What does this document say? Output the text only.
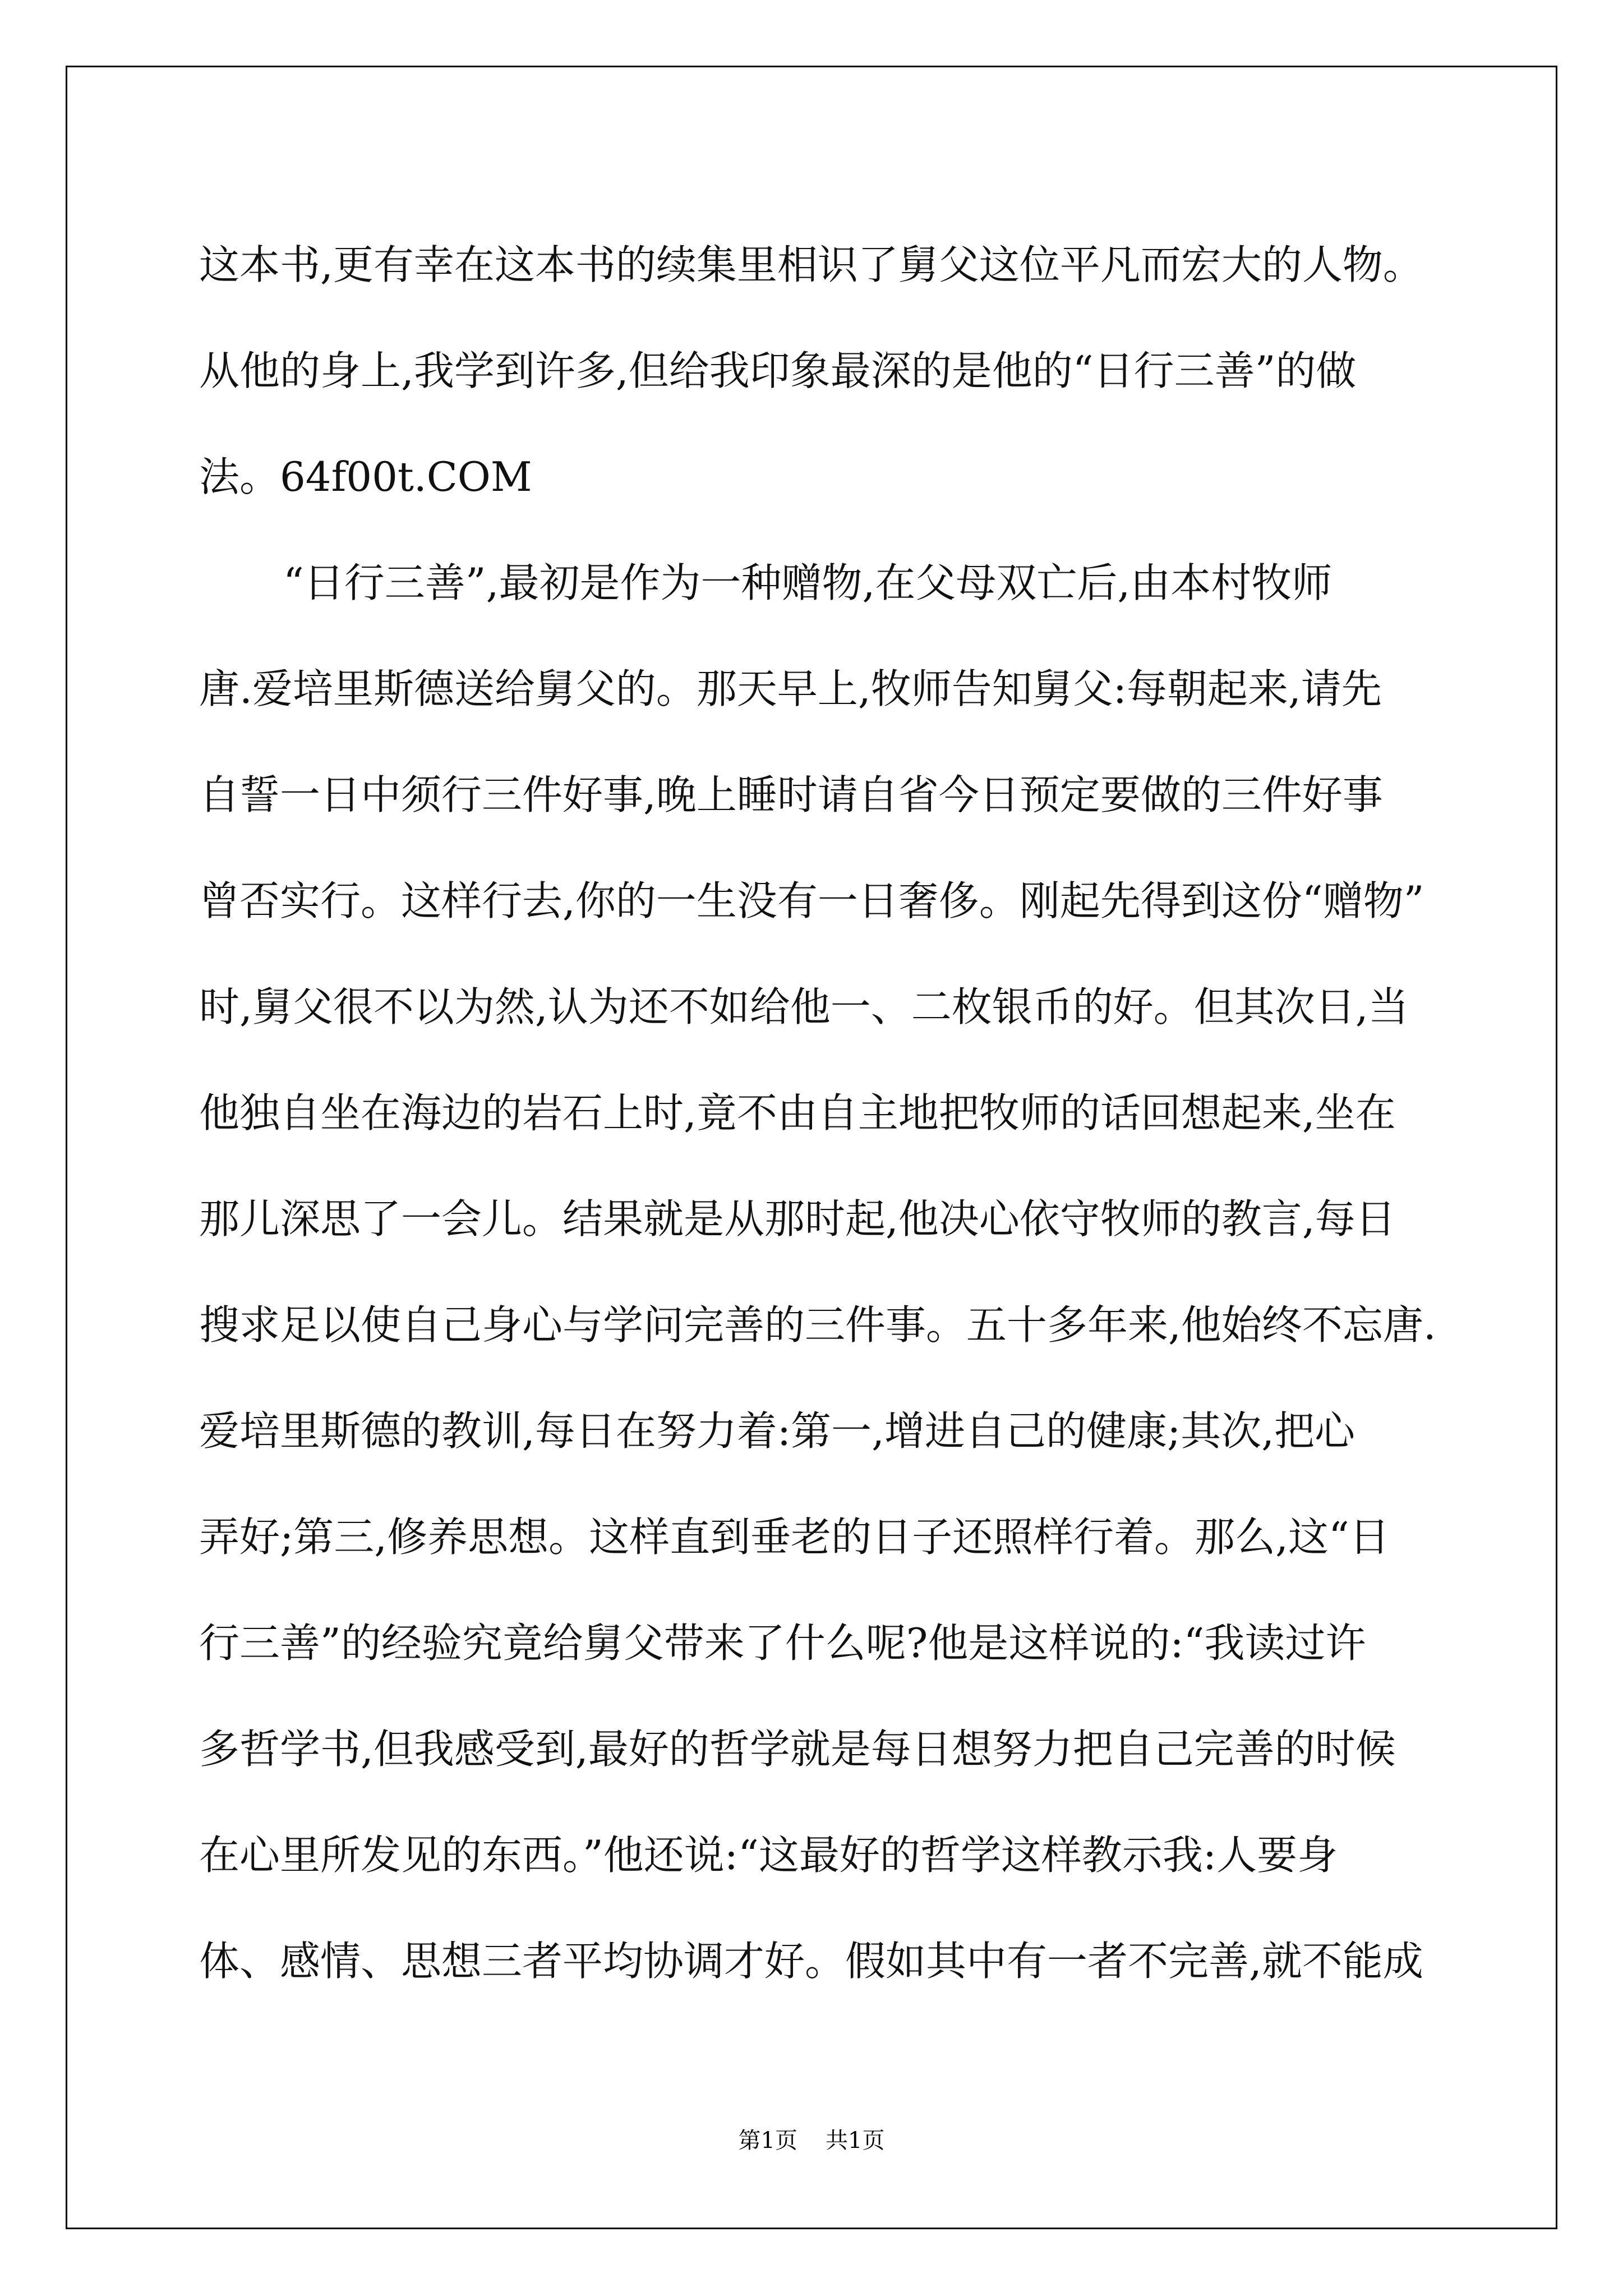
这本书,更有幸在这本书的续集里相识了舅父这位平凡而宏大的人物。
从他的身上,我学到许多,但给我印象最深的是他的“日行三善”的做
法。64f00t.COM
“日行三善”,最初是作为一种赠物,在父母双亡后,由本村牧师
唐.爱培里斯德送给舅父的。那天早上,牧师告知舅父:每朝起来,请先
自誓一日中须行三件好事,晚上睡时请自省今日预定要做的三件好事
曾否实行。这样行去,你的一生没有一日奢侈。刚起先得到这份“赠物”
时,舅父很不以为然,认为还不如给他一、二枚银币的好。但其次日,当
他独自坐在海边的岩石上时,竟不由自主地把牧师的话回想起来,坐在
那儿深思了一会儿。结果就是从那时起,他决心依守牧师的教言,每日
搜求足以使自己身心与学问完善的三件事。五十多年来,他始终不忘唐.
爱培里斯德的教训,每日在努力着:第一,增进自己的健康;其次,把心
弄好;第三,修养思想。这样直到垂老的日子还照样行着。那么,这“日
行三善”的经验究竟给舅父带来了什么呢?他是这样说的:“我读过许
多哲学书,但我感受到,最好的哲学就是每日想努力把自己完善的时候
在心里所发见的东西。”他还说:“这最好的哲学这样教示我:人要身
体、感情、思想三者平均协调才好。假如其中有一者不完善,就不能成
第1页 共1页
